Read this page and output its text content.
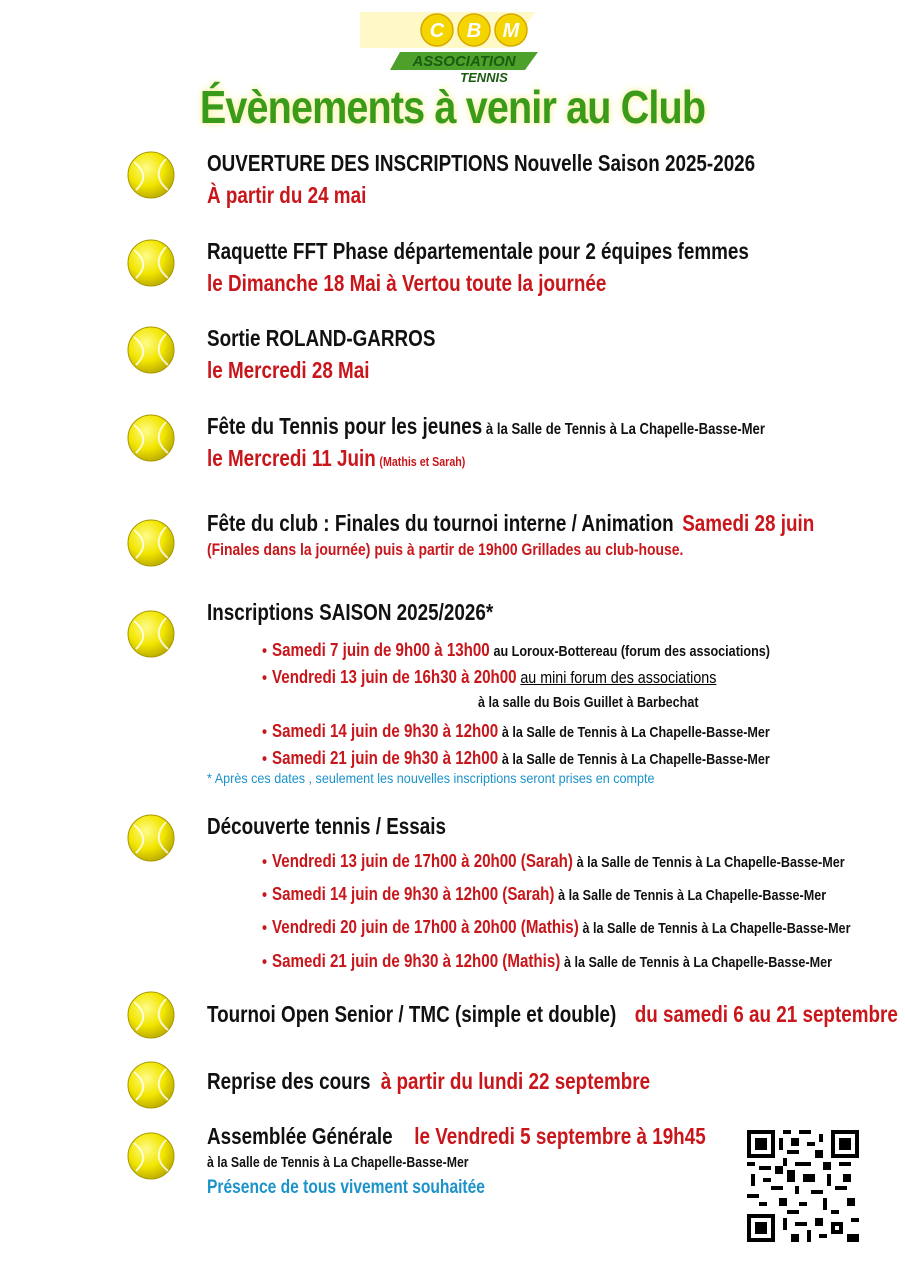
C B M
ASSOCIATION
TENNIS
Évènements à venir au Club
OUVERTURE DES INSCRIPTIONS Nouvelle Saison 2025-2026
À partir du 24 mai
Raquette FFT Phase départementale pour 2 équipes femmes
le Dimanche 18 Mai à Vertou toute la journée
Sortie ROLAND-GARROS
le Mercredi 28 Mai
Fête du Tennis pour les jeunes à la Salle de Tennis à La Chapelle-Basse-Mer
le Mercredi 11 Juin (Mathis et Sarah)
Fête du club : Finales du tournoi interne / Animation Samedi 28 juin
(Finales dans la journée) puis à partir de 19h00 Grillades au club-house.
Inscriptions SAISON 2025/2026*
• Samedi 7 juin de 9h00 à 13h00 au Loroux-Bottereau (forum des associations)
• Vendredi 13 juin de 16h30 à 20h00 au mini forum des associations
à la salle du Bois Guillet à Barbechat
• Samedi 14 juin de 9h30 à 12h00 à la Salle de Tennis à La Chapelle-Basse-Mer
• Samedi 21 juin de 9h30 à 12h00 à la Salle de Tennis à La Chapelle-Basse-Mer
* Après ces dates , seulement les nouvelles inscriptions seront prises en compte
Découverte tennis / Essais
• Vendredi 13 juin de 17h00 à 20h00 (Sarah) à la Salle de Tennis à La Chapelle-Basse-Mer
• Samedi 14 juin de 9h30 à 12h00 (Sarah) à la Salle de Tennis à La Chapelle-Basse-Mer
• Vendredi 20 juin de 17h00 à 20h00 (Mathis) à la Salle de Tennis à La Chapelle-Basse-Mer
• Samedi 21 juin de 9h30 à 12h00 (Mathis) à la Salle de Tennis à La Chapelle-Basse-Mer
Tournoi Open Senior / TMC (simple et double) du samedi 6 au 21 septembre
Reprise des cours à partir du lundi 22 septembre
Assemblée Générale le Vendredi 5 septembre à 19h45
à la Salle de Tennis à La Chapelle-Basse-Mer
Présence de tous vivement souhaitée
